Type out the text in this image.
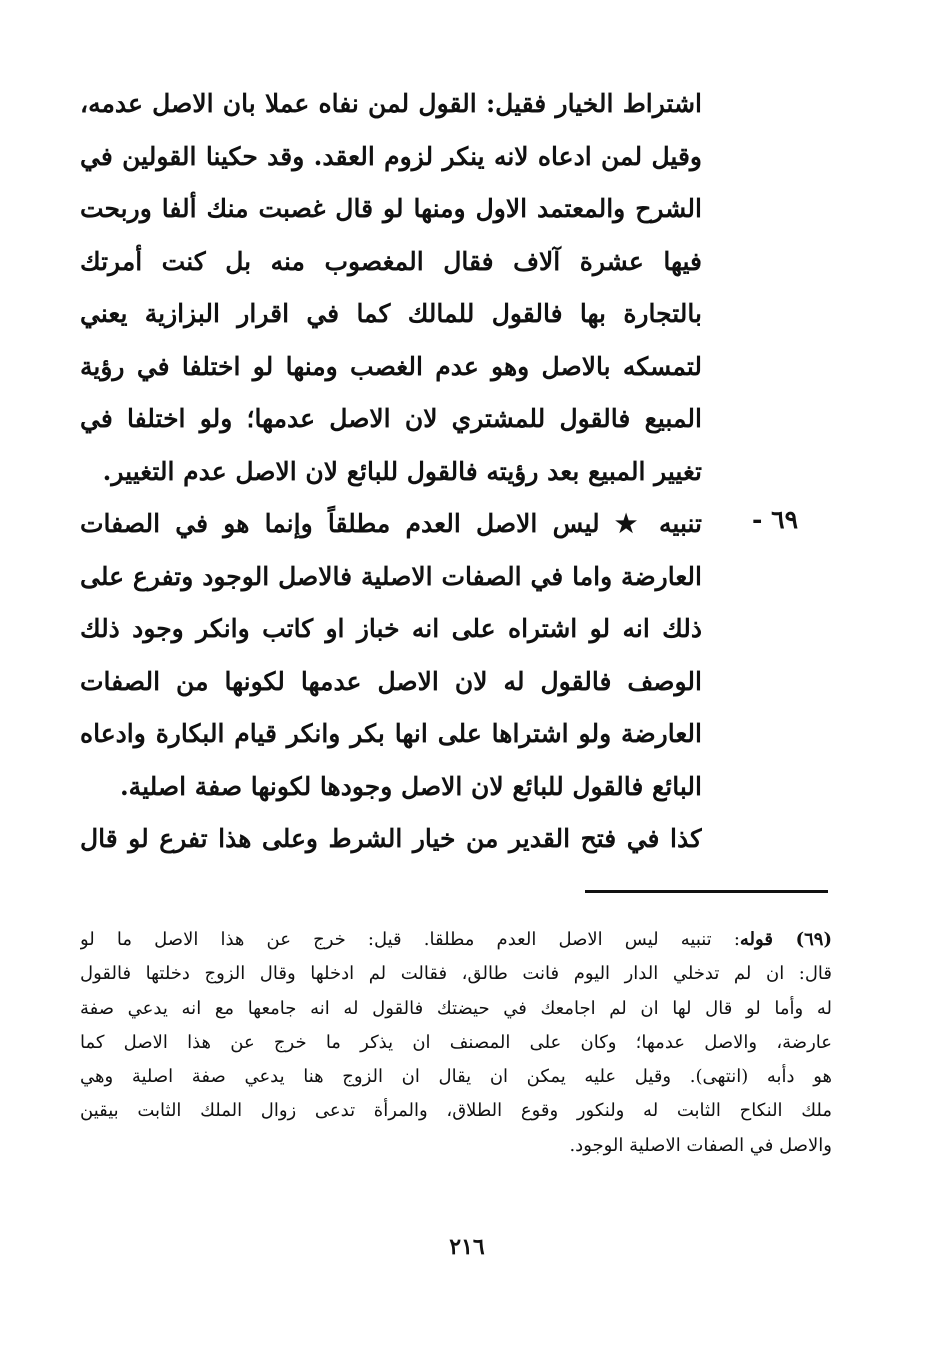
اشتراط الخيار فقيل: القول لمن نفاه عملا بان الاصل عدمه،
وقيل لمن ادعاه لانه ينكر لزوم العقد. وقد حكينا القولين في
الشرح والمعتمد الاول ومنها لو قال غصبت منك ألفا وربحت
فيها عشرة آلاف فقال المغصوب منه بل كنت أمرتك
بالتجارة بها فالقول للمالك كما في اقرار البزازية يعني
لتمسكه بالاصل وهو عدم الغصب ومنها لو اختلفا في رؤية
المبيع فالقول للمشتري لان الاصل عدمها؛ ولو اختلفا في
تغيير المبيع بعد رؤيته فالقول للبائع لان الاصل عدم التغيير.
تنبيه ★ ليس الاصل العدم مطلقاً وإنما هو في الصفات
العارضة واما في الصفات الاصلية فالاصل الوجود وتفرع على
ذلك انه لو اشتراه على انه خباز او كاتب وانكر وجود ذلك
الوصف فالقول له لان الاصل عدمها لكونها من الصفات
العارضة ولو اشتراها على انها بكر وانكر قيام البكارة وادعاه
البائع فالقول للبائع لان الاصل وجودها لكونها صفة اصلية.
كذا في فتح القدير من خيار الشرط وعلى هذا تفرع لو قال
٦٩ -
(٦٩) قوله: تنبيه ليس الاصل العدم مطلقا. قيل: خرج عن هذا الاصل ما لو
قال: ان لم تدخلي الدار اليوم فانت طالق، فقالت لم ادخلها وقال الزوج دخلتها فالقول
له وأما لو قال لها ان لم اجامعك في حيضتك فالقول له انه جامعها مع انه يدعي صفة
عارضة، والاصل عدمها؛ وكان على المصنف ان يذكر ما خرج عن هذا الاصل كما
هو دأبه (انتهى). وقيل عليه يمكن ان يقال ان الزوج هنا يدعي صفة اصلية وهي
ملك النكاح الثابت له ولنكور وقوع الطلاق، والمرأة تدعى زوال الملك الثابت بيقين
والاصل في الصفات الاصلية الوجود.
٢١٦
